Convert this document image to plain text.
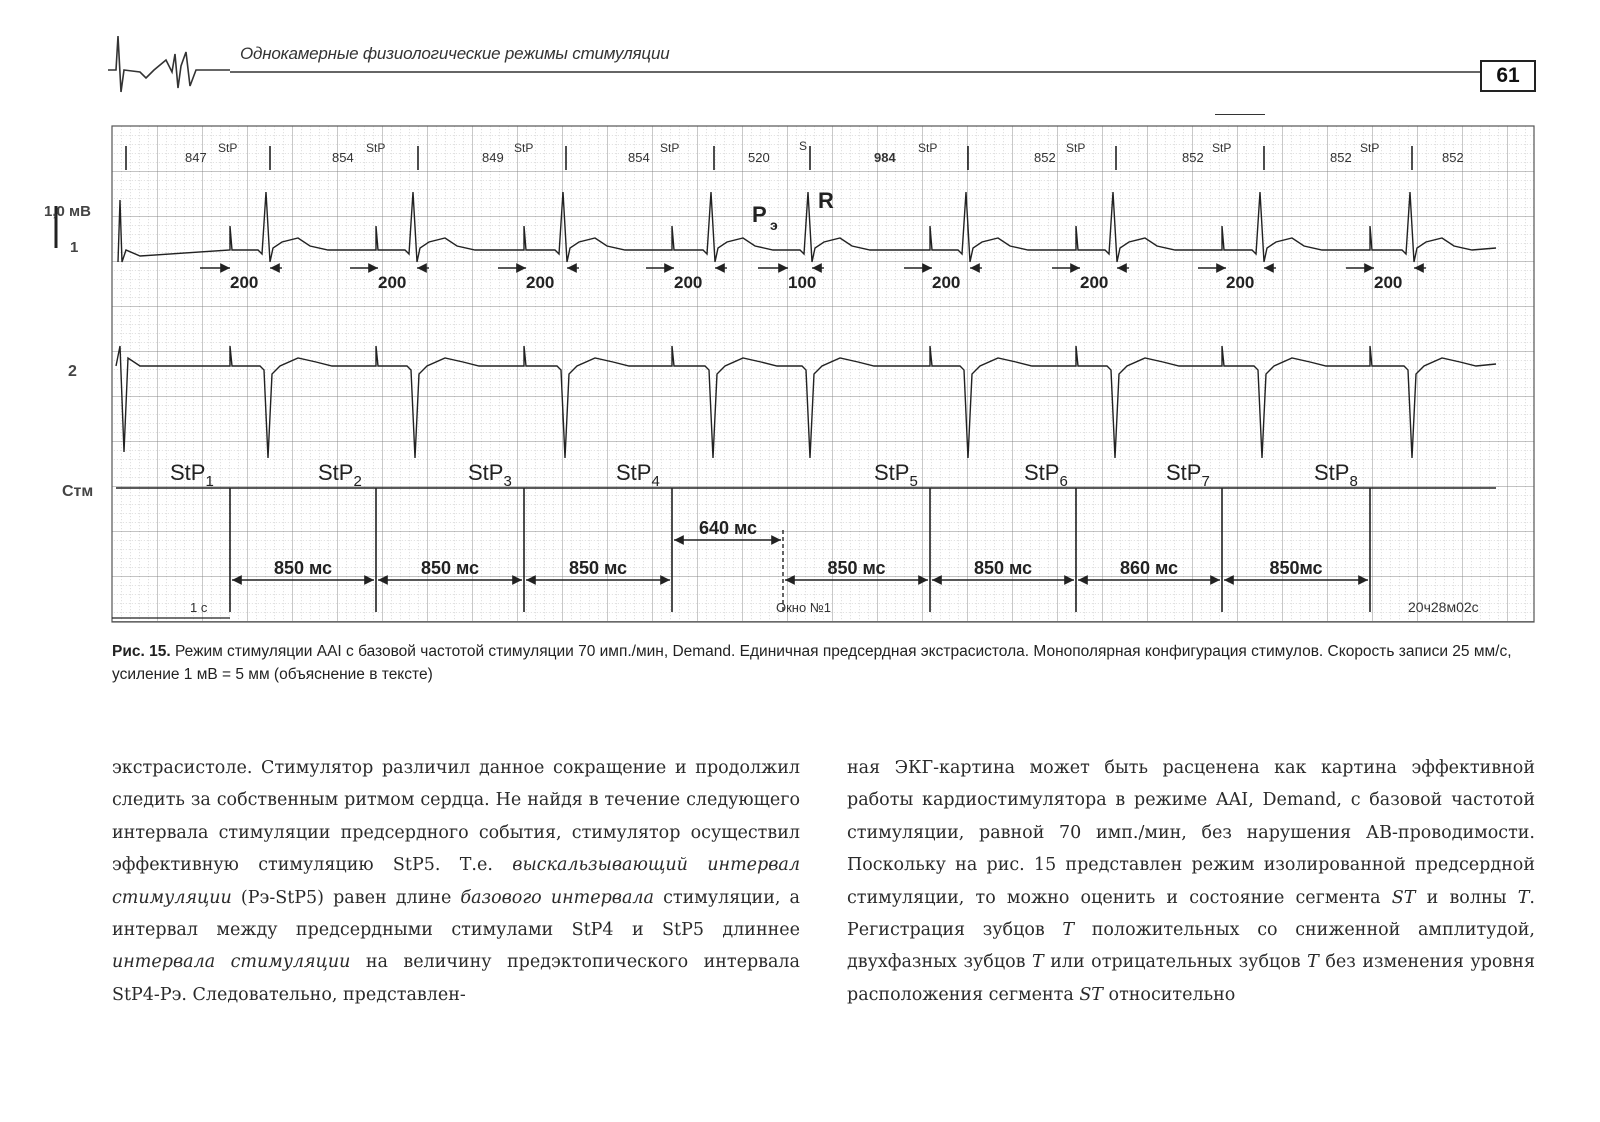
Однокамерные физиологические режимы стимуляции
61
1,0 мВ
1
2
Стм
847	854	849	854	520	984	852	852	852	852
StP	StP	StP	StP	StP	StP	StP	StP
S
P э
R
200	200	200	200	100	200	200	200	200
StP$_1$	StP$_2$	StP$_3$	StP$_4$	StP$_5$	StP$_6$	StP$_7$	StP$_8$
850 мс	850 мс	850 мс	850 мс	850 мс	860 мс	850мс
640 мс
1 с	Окно №1	20ч28м02с
Рис. 15. Режим стимуляции AAI с базовой частотой стимуляции 70 имп./мин, Demand. Единичная предсердная экстрасистола. Монополярная конфигурация стимулов. Скорость записи 25 мм/с, усиление 1 мВ = 5 мм (объяснение в тексте)

экстрасистоле. Стимулятор различил данное сокращение и продолжил следить за собственным ритмом сердца. Не найдя в течение следующего интервала стимуляции предсердного события, стимулятор осуществил эффективную стимуляцию StP5. Т.е. выскальзывающий интервал стимуляции (Рэ-StP5) равен длине базового интервала стимуляции, а интервал между предсердными стимулами StP4 и StP5 длиннее интервала стимуляции на величину предэктопического интервала StP4-Рэ. Следовательно, представлен-

ная ЭКГ-картина может быть расценена как картина эффективной работы кардиостимулятора в режиме AAI, Demand, с базовой частотой стимуляции, равной 70 имп./мин, без нарушения АВ-проводимости. Поскольку на рис. 15 представлен режим изолированной предсердной стимуляции, то можно оценить и состояние сегмента ST и волны T. Регистрация зубцов T положительных со сниженной амплитудой, двухфазных зубцов T или отрицательных зубцов T без изменения уровня расположения сегмента ST относительно
